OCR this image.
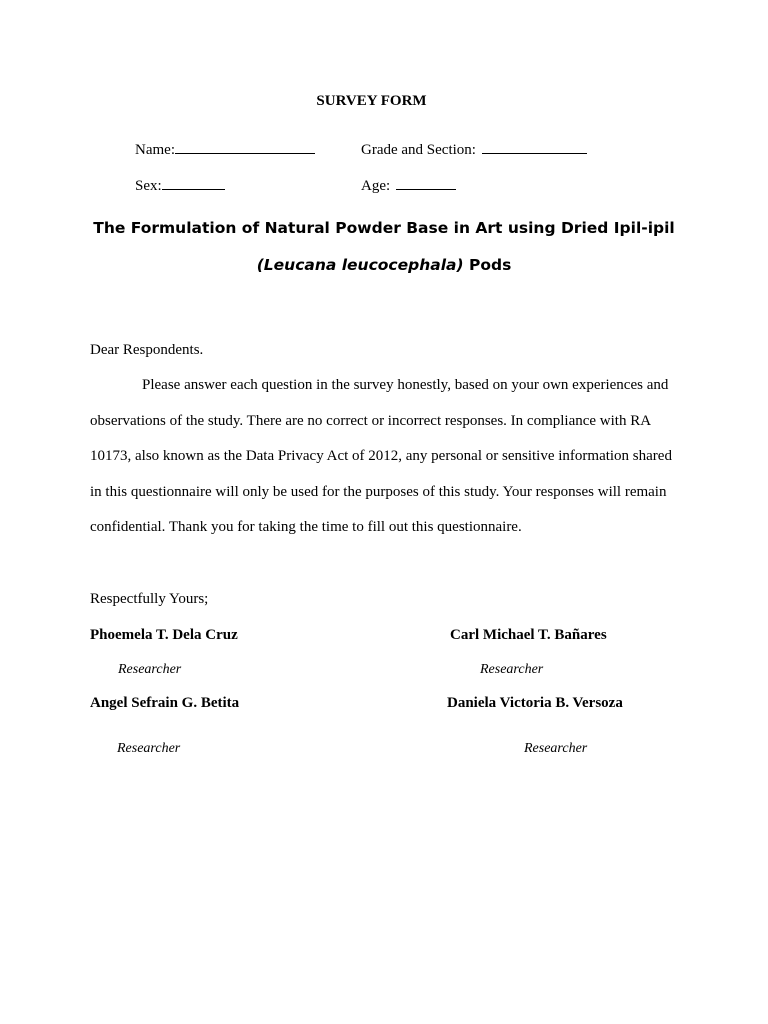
SURVEY FORM
Name:	Grade and Section:
Sex:	Age:
The Formulation of Natural Powder Base in Art using Dried Ipil-ipil
(Leucana leucocephala) Pods
Dear Respondents.
Please answer each question in the survey honestly, based on your own experiences and observations of the study. There are no correct or incorrect responses. In compliance with RA 10173, also known as the Data Privacy Act of 2012, any personal or sensitive information shared in this questionnaire will only be used for the purposes of this study. Your responses will remain confidential. Thank you for taking the time to fill out this questionnaire.
Respectfully Yours;
Phoemela T. Dela Cruz
Researcher
Carl Michael T. Bañares
Researcher
Angel Sefrain G. Betita
Researcher
Daniela Victoria B. Versoza
Researcher
